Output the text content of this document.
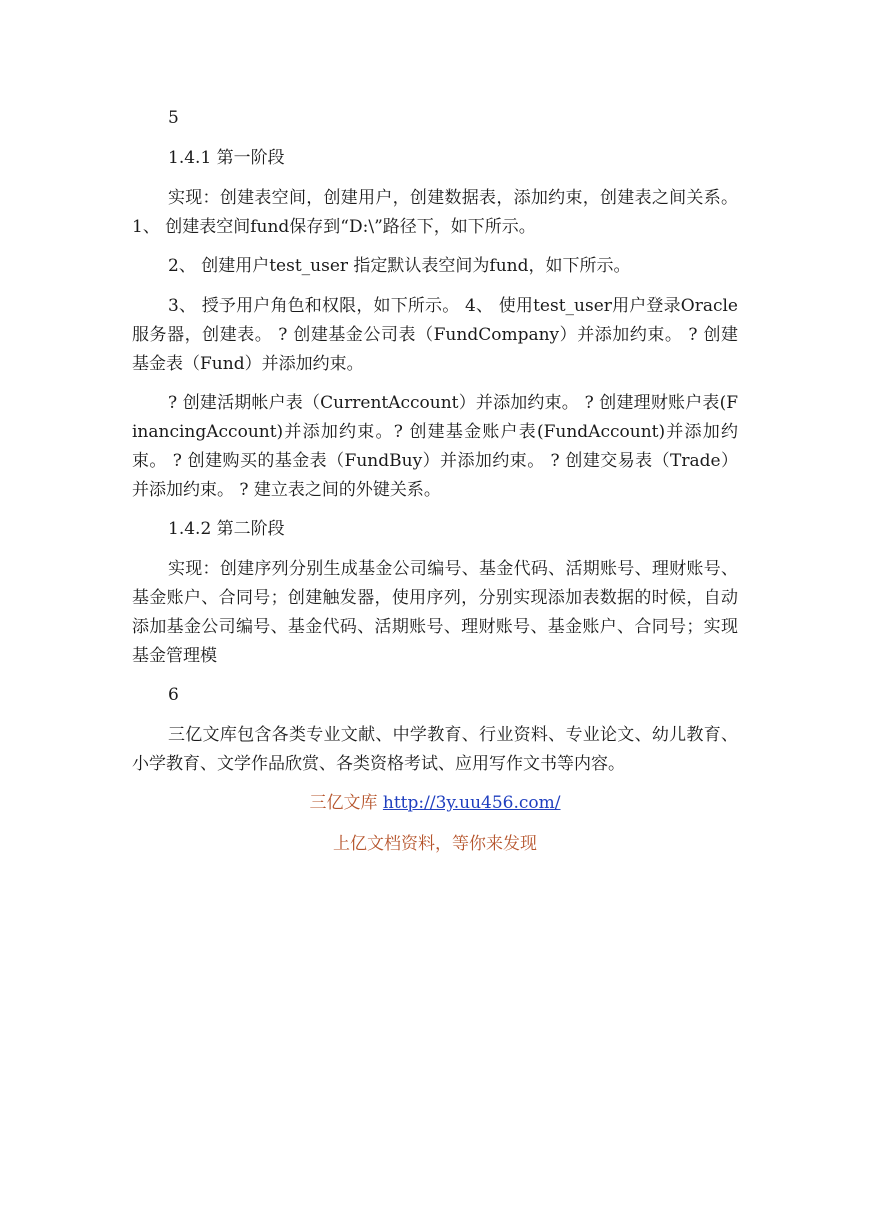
5

1.4.1 第一阶段

实现：创建表空间，创建用户，创建数据表，添加约束，创建表之间关系。 1、 创建表空间fund保存到“D:\”路径下，如下所示。

2、 创建用户test_user 指定默认表空间为fund，如下所示。

3、 授予用户角色和权限，如下所示。 4、 使用test_user用户登录Oracle服务器，创建表。 ? 创建基金公司表（FundCompany）并添加约束。 ? 创建基金表（Fund）并添加约束。

? 创建活期帐户表（CurrentAccount）并添加约束。 ? 创建理财账户表(FinancingAccount)并添加约束。? 创建基金账户表(FundAccount)并添加约束。 ? 创建购买的基金表（FundBuy）并添加约束。 ? 创建交易表（Trade）并添加约束。 ? 建立表之间的外键关系。

1.4.2 第二阶段

实现：创建序列分别生成基金公司编号、基金代码、活期账号、理财账号、基金账户、合同号；创建触发器，使用序列，分别实现添加表数据的时候，自动添加基金公司编号、基金代码、活期账号、理财账号、基金账户、合同号；实现基金管理模

6

三亿文库包含各类专业文献、中学教育、行业资料、专业论文、幼儿教育、小学教育、文学作品欣赏、各类资格考试、应用写作文书等内容。

三亿文库 http://3y.uu456.com/

上亿文档资料，等你来发现
